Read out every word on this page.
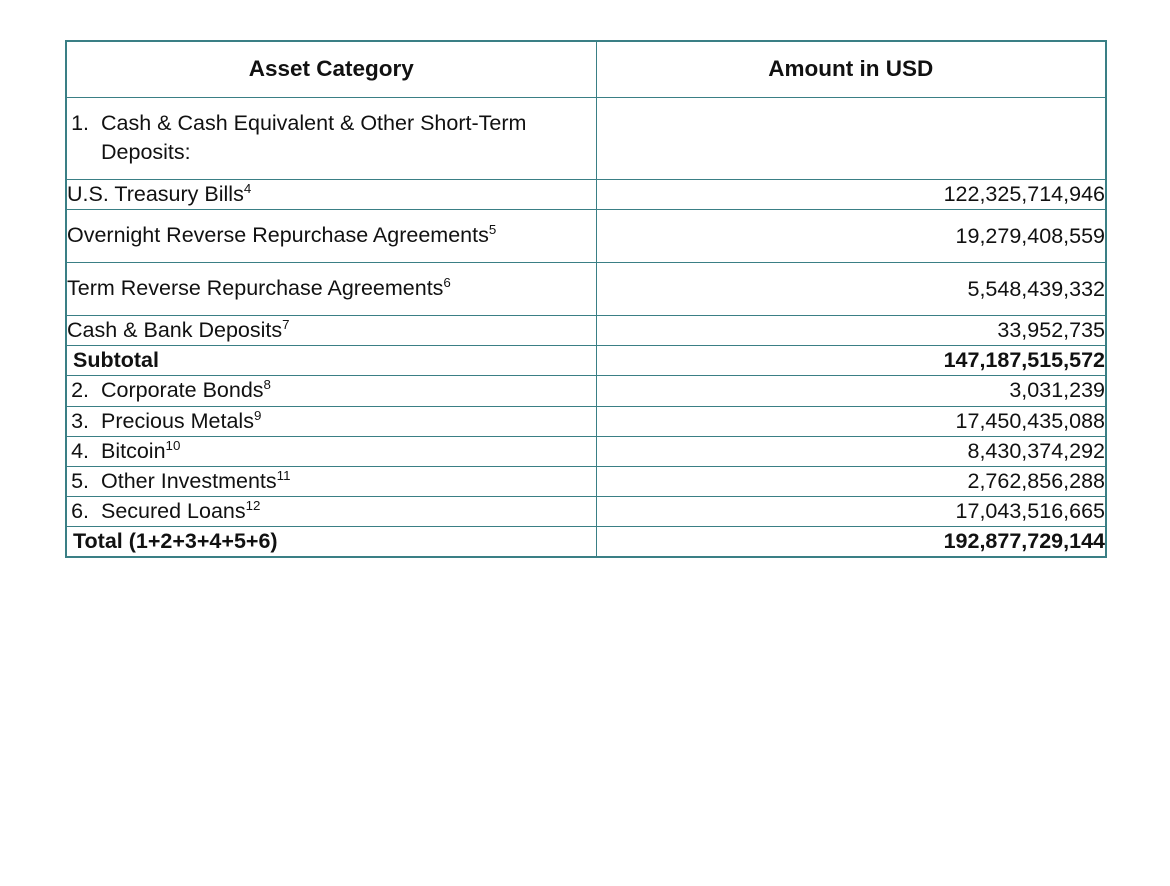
Asset Category	Amount in USD

1. Cash & Cash Equivalent & Other Short-Term Deposits:	

U.S. Treasury Bills$^4$	122,325,714,946
Overnight Reverse Repurchase Agreements$^5$	19,279,408,559
Term Reverse Repurchase Agreements$^6$	5,548,439,332
Cash & Bank Deposits$^7$	33,952,735
Subtotal	147,187,515,572

2. Corporate Bonds$^8$	3,031,239

3. Precious Metals$^9$	17,450,435,088

4. Bitcoin$^{10}$	8,430,374,292

5. Other Investments$^{11}$	2,762,856,288

6. Secured Loans$^{12}$	17,043,516,665
Total (1+2+3+4+5+6)	192,877,729,144
